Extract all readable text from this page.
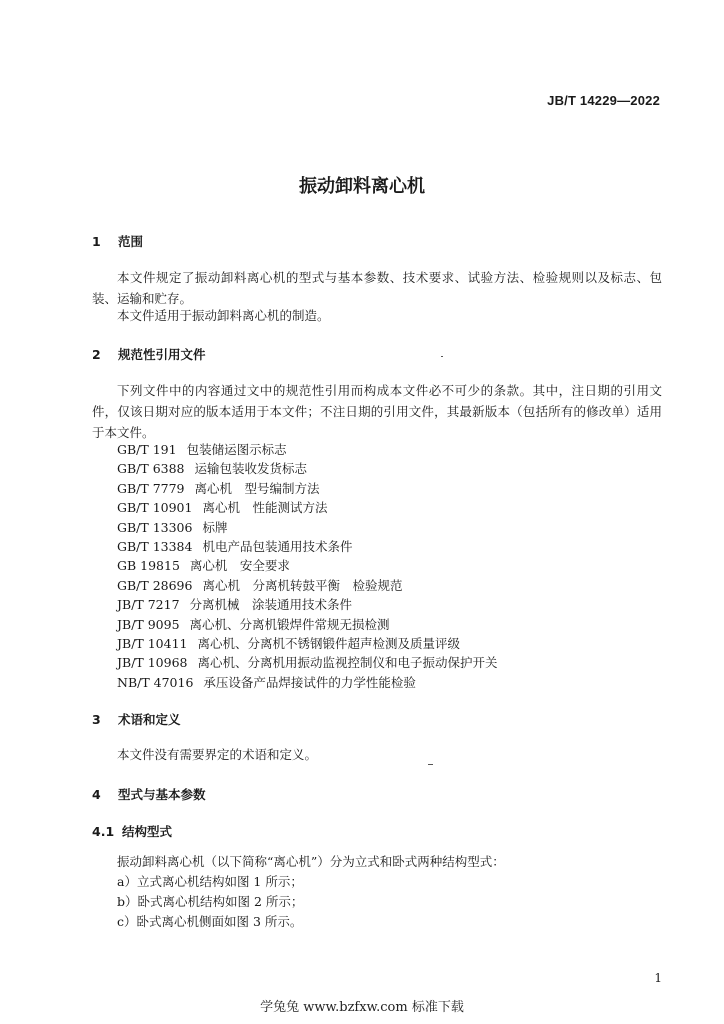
JB/T 14229—2022
振动卸料离心机
1 范围

本文件规定了振动卸料离心机的型式与基本参数、技术要求、试验方法、检验规则以及标志、包装、运输和贮存。

本文件适用于振动卸料离心机的制造。

2 规范性引用文件

下列文件中的内容通过文中的规范性引用而构成本文件必不可少的条款。其中，注日期的引用文件，仅该日期对应的版本适用于本文件；不注日期的引用文件，其最新版本（包括所有的修改单）适用于本文件。

GB/T 191 包装储运图示标志
GB/T 6388 运输包装收发货标志
GB/T 7779 离心机　型号编制方法
GB/T 10901 离心机　性能测试方法
GB/T 13306 标牌
GB/T 13384 机电产品包装通用技术条件
GB 19815 离心机　安全要求
GB/T 28696 离心机　分离机转鼓平衡　检验规范
JB/T 7217 分离机械　涂装通用技术条件
JB/T 9095 离心机、分离机锻焊件常规无损检测
JB/T 10411 离心机、分离机不锈钢锻件超声检测及质量评级
JB/T 10968 离心机、分离机用振动监视控制仪和电子振动保护开关
NB/T 47016 承压设备产品焊接试件的力学性能检验
3 术语和定义

本文件没有需要界定的术语和定义。

4 型式与基本参数
4.1 结构型式

振动卸料离心机（以下简称“离心机”）分为立式和卧式两种结构型式：

a）立式离心机结构如图 1 所示；

b）卧式离心机结构如图 2 所示；

c）卧式离心机侧面如图 3 所示。

1
学兔兔 www.bzfxw.com 标准下载
